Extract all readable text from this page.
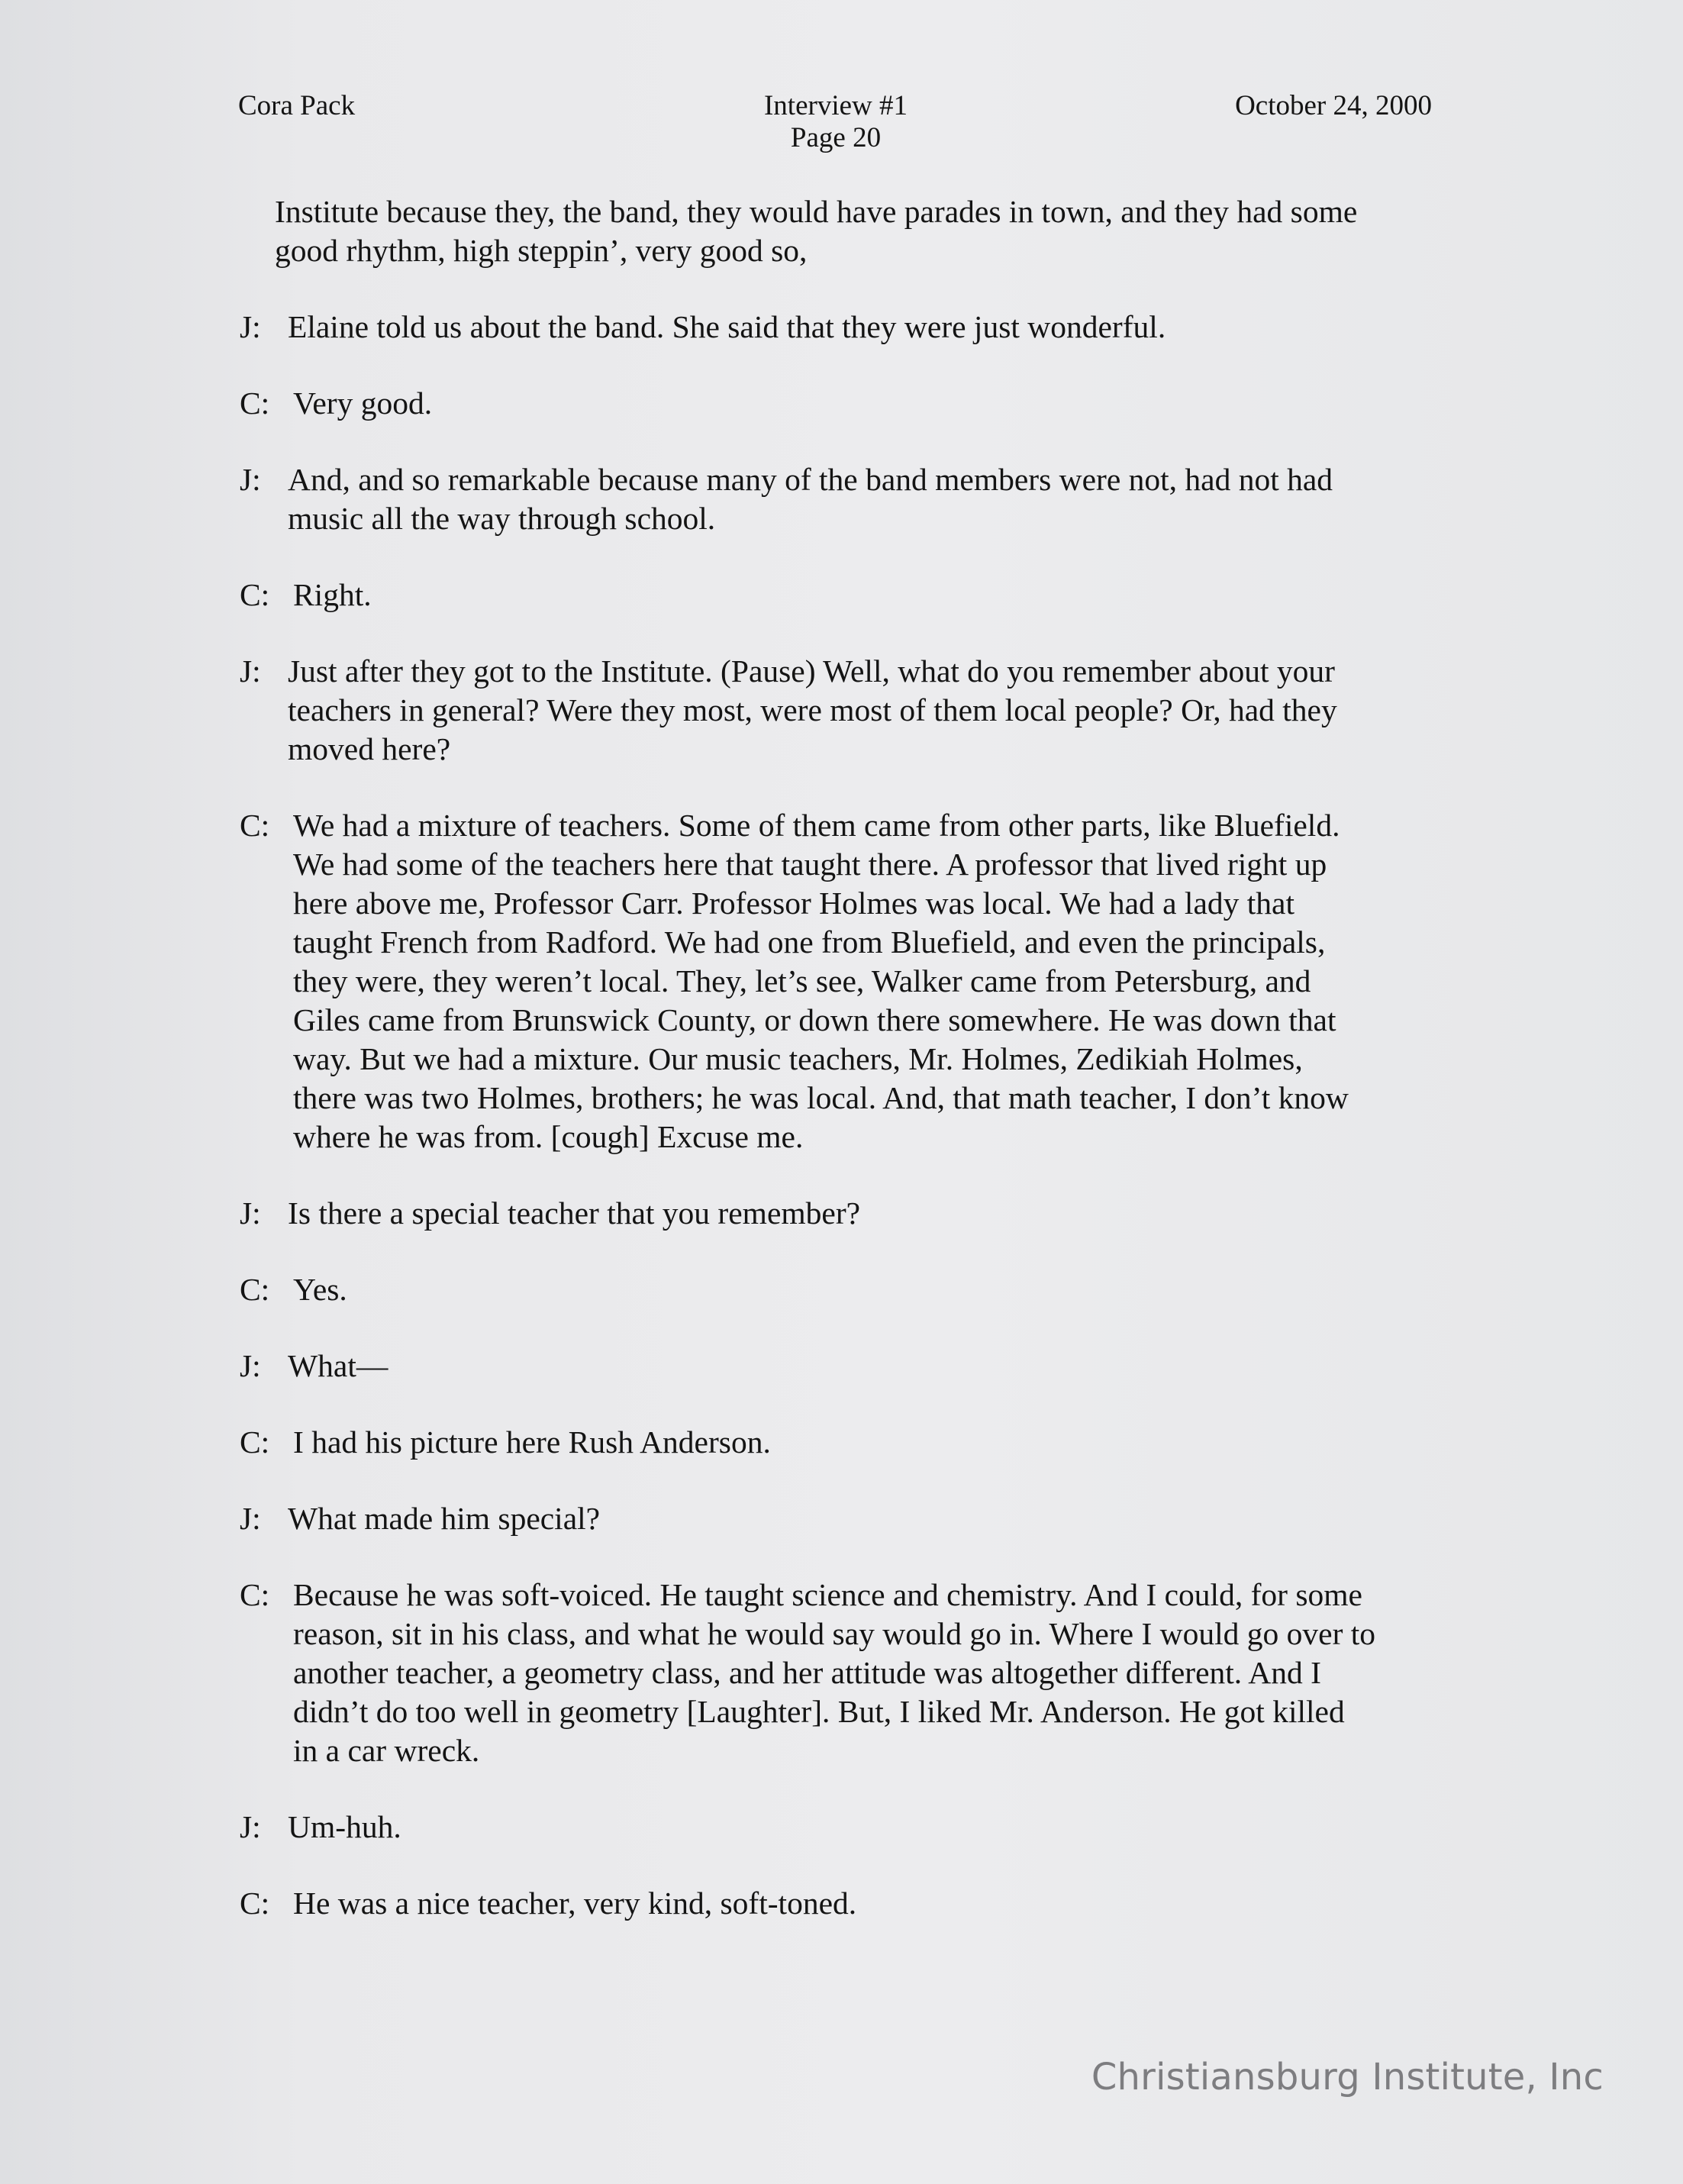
Cora Pack	Interview #1
Page 20
October 24, 2000
Institute because they, the band, they would have parades in town, and they had some
good rhythm, high steppin’, very good so,
J: Elaine told us about the band. She said that they were just wonderful.
C: Very good.
J: And, and so remarkable because many of the band members were not, had not had
music all the way through school.
C: Right.
J: Just after they got to the Institute. (Pause) Well, what do you remember about your
teachers in general? Were they most, were most of them local people? Or, had they
moved here?
C: We had a mixture of teachers. Some of them came from other parts, like Bluefield.
We had some of the teachers here that taught there. A professor that lived right up
here above me, Professor Carr. Professor Holmes was local. We had a lady that
taught French from Radford. We had one from Bluefield, and even the principals,
they were, they weren’t local. They, let’s see, Walker came from Petersburg, and
Giles came from Brunswick County, or down there somewhere. He was down that
way. But we had a mixture. Our music teachers, Mr. Holmes, Zedikiah Holmes,
there was two Holmes, brothers; he was local. And, that math teacher, I don’t know
where he was from. [cough] Excuse me.
J: Is there a special teacher that you remember?
C: Yes.
J: What—
C: I had his picture here Rush Anderson.
J: What made him special?
C: Because he was soft-voiced. He taught science and chemistry. And I could, for some
reason, sit in his class, and what he would say would go in. Where I would go over to
another teacher, a geometry class, and her attitude was altogether different. And I
didn’t do too well in geometry [Laughter]. But, I liked Mr. Anderson. He got killed
in a car wreck.
J: Um-huh.
C: He was a nice teacher, very kind, soft-toned.
Christiansburg Institute, Inc
